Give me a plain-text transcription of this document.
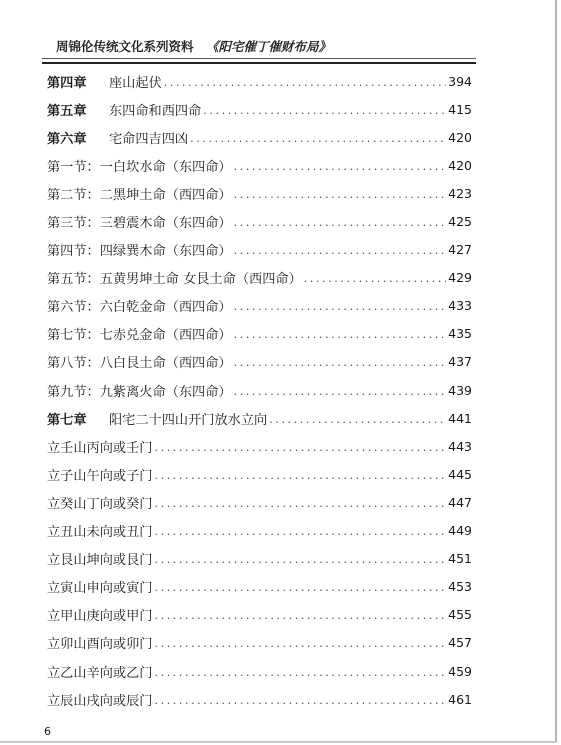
周锦伦传统文化系列资料 《阳宅催丁催财布局》
第四章	座山起伏 .....	394
第五章	东四命和西四命 .....	415
第六章	宅命四吉四凶 .....	420
第一节：一白 坎水命（东四命） .....	420
第二节：二黑 坤土命（西四命） .....	423
第三节：三碧 震木命（东四命） .....	425
第四节：四绿 巽木命（东四命） .....	427
第五节：五黄 男坤土命 女艮土命（西四命） .....	429
第六节：六白 乾金命（西四命） .....	433
第七节：七赤 兑金命（西四命） .....	435
第八节：八白 艮土命（西四命） .....	437
第九节：九紫 离火命（东四命） .....	439
第七章	阳宅二十四山开门放水立向 .....	441
立壬山丙向或壬门 .....	443
立子山午向或子门 .....	445
立癸山丁向或癸门 .....	447
立丑山未向或丑门 .....	449
立艮山坤向或艮门 .....	451
立寅山申向或寅门 .....	453
立甲山庚向或甲门 .....	455
立卯山酉向或卯门 .....	457
立乙山辛向或乙门 .....	459
立辰山戌向或辰门 .....	461
6
